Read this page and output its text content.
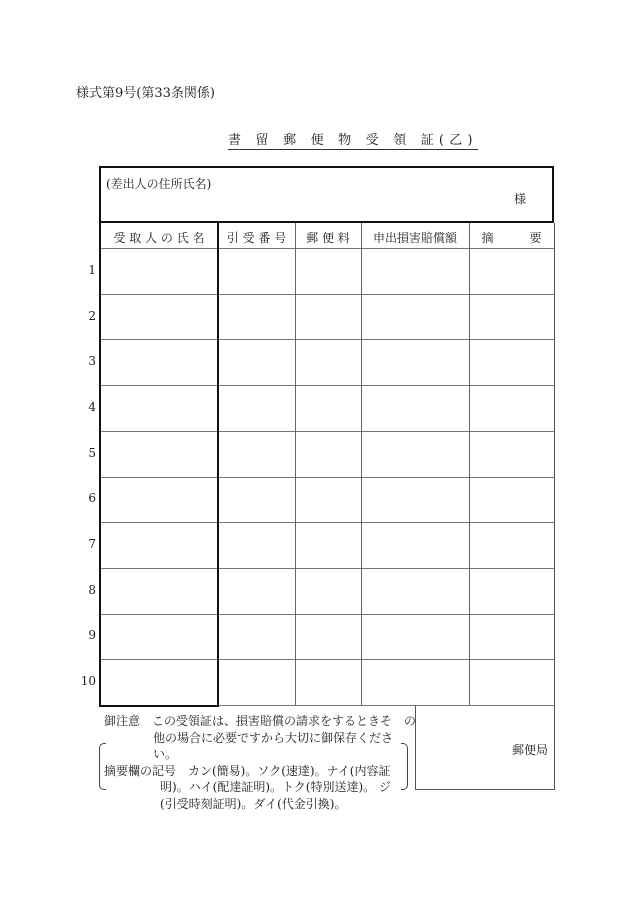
様式第9号(第33条関係)
書 留 郵 便 物 受 領 証(乙)
(差出人の住所氏名)
様
受 取 人 の 氏 名	引 受 番 号	郵 便 料	申出損害賠償額	摘　　　要
1
2
3
4
5
6
7
8
9
10
御注意　この受領証は、損害賠償の請求をするときそ　の
他の場合に必要ですから大切に御保存ください。
摘要欄の記号　カン(簡易)。ソク(速達)。ナイ(内容証
明)。ハイ(配達証明)。トク(特別送達)。 ジ
(引受時刻証明)。ダイ(代金引換)。
郵便局
